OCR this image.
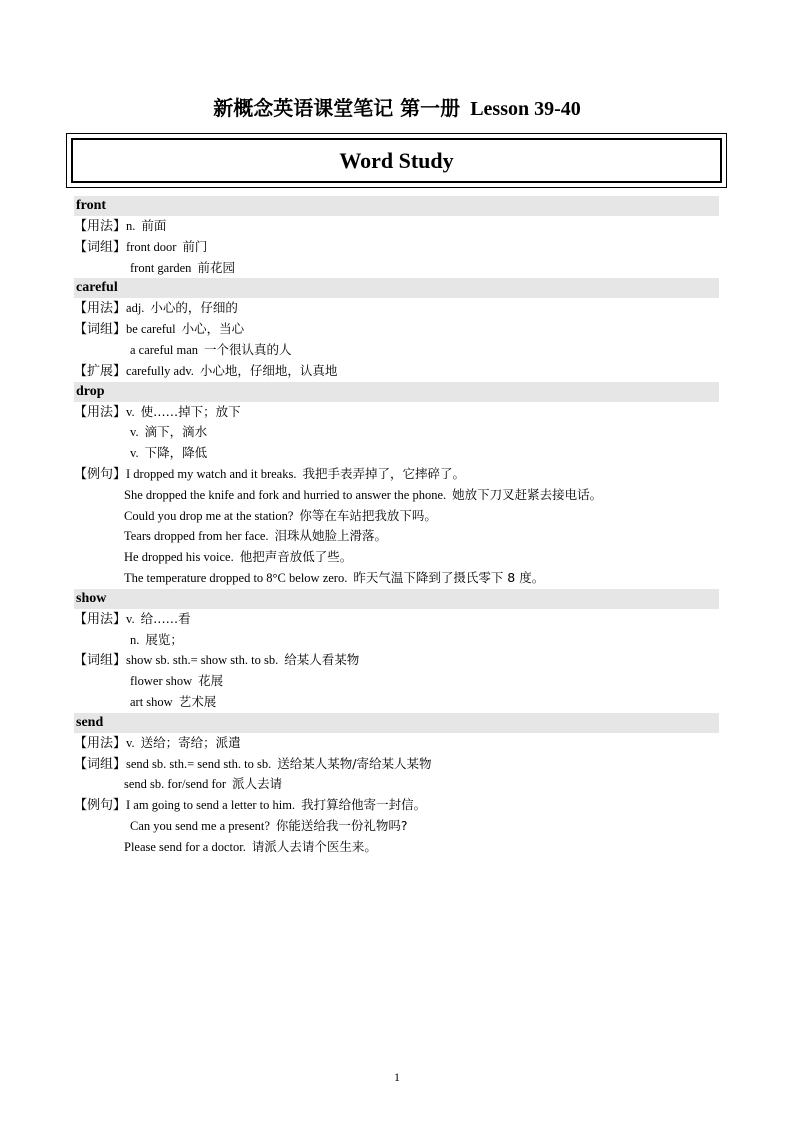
新概念英语课堂笔记 第一册 Lesson 39-40
Word Study
front
【用法】n. 前面
【词组】front door 前门
front garden 前花园
careful
【用法】adj. 小心的，仔细的
【词组】be careful 小心，当心
a careful man 一个很认真的人
【扩展】carefully adv. 小心地，仔细地，认真地
drop
【用法】v. 使……掉下；放下
v. 滴下，滴水
v. 下降，降低
【例句】I dropped my watch and it breaks. 我把手表弄掉了，它摔碎了。
She dropped the knife and fork and hurried to answer the phone. 她放下刀叉赶紧去接电话。
Could you drop me at the station? 你等在车站把我放下吗。
Tears dropped from her face. 泪珠从她脸上滑落。
He dropped his voice. 他把声音放低了些。
The temperature dropped to 8°C below zero. 昨天气温下降到了摄氏零下 8 度。
show
【用法】v. 给……看
n. 展览；
【词组】show sb. sth.= show sth. to sb. 给某人看某物
flower show 花展
art show 艺术展
send
【用法】v. 送给；寄给；派遣
【词组】send sb. sth.= send sth. to sb. 送给某人某物/寄给某人某物
send sb. for/send for 派人去请
【例句】I am going to send a letter to him. 我打算给他寄一封信。
Can you send me a present? 你能送给我一份礼物吗?
Please send for a doctor. 请派人去请个医生来。
1
